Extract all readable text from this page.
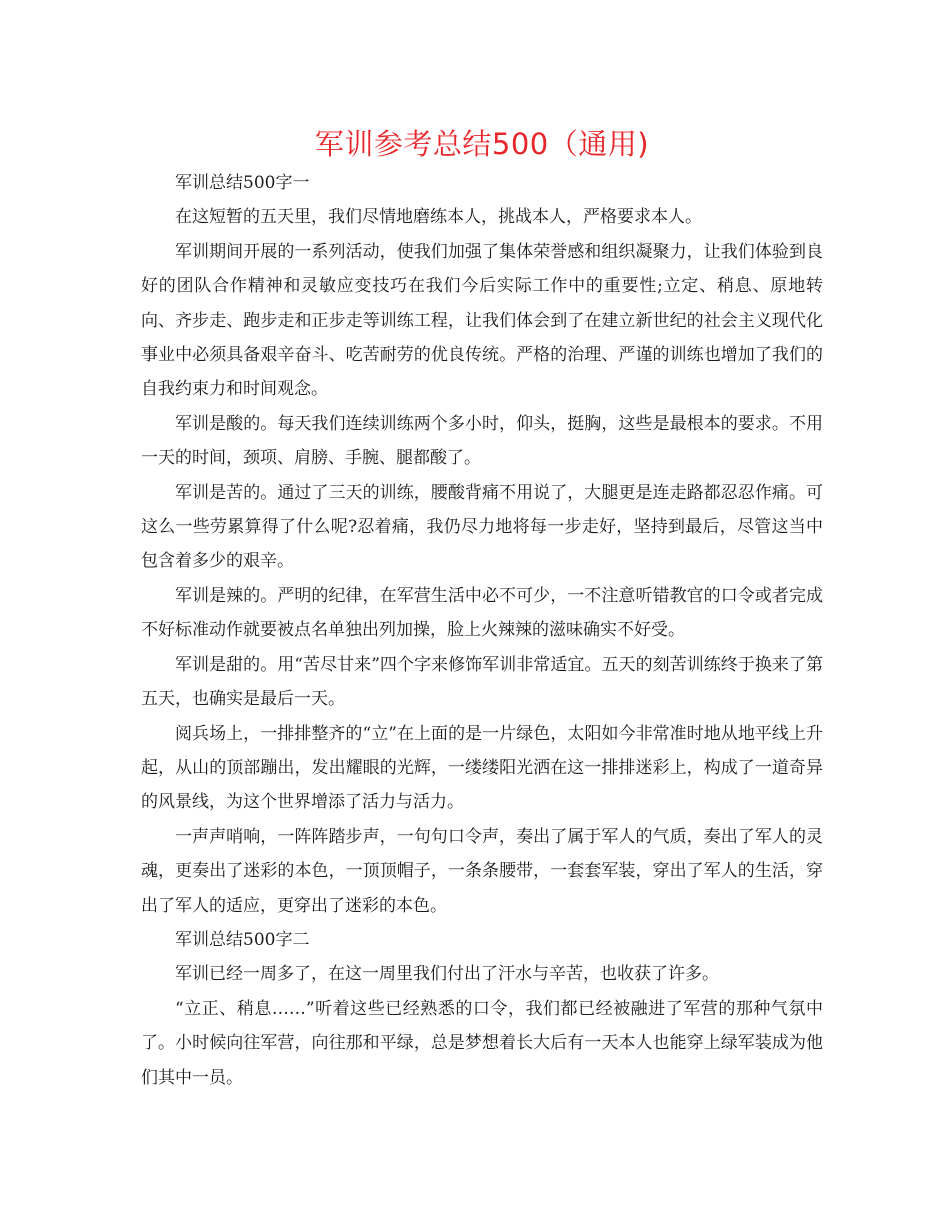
军训参考总结500（通用)

军训总结500字一

在这短暂的五天里，我们尽情地磨练本人，挑战本人，严格要求本人。

军训期间开展的一系列活动，使我们加强了集体荣誉感和组织凝聚力，让我们体验到良好的团队合作精神和灵敏应变技巧在我们今后实际工作中的重要性;立定、稍息、原地转向、齐步走、跑步走和正步走等训练工程，让我们体会到了在建立新世纪的社会主义现代化事业中必须具备艰辛奋斗、吃苦耐劳的优良传统。严格的治理、严谨的训练也增加了我们的自我约束力和时间观念。

军训是酸的。每天我们连续训练两个多小时，仰头，挺胸，这些是最根本的要求。不用一天的时间，颈项、肩膀、手腕、腿都酸了。

军训是苦的。通过了三天的训练，腰酸背痛不用说了，大腿更是连走路都忍忍作痛。可这么一些劳累算得了什么呢?忍着痛，我仍尽力地将每一步走好，坚持到最后，尽管这当中包含着多少的艰辛。

军训是辣的。严明的纪律，在军营生活中必不可少，一不注意听错教官的口令或者完成不好标准动作就要被点名单独出列加操，脸上火辣辣的滋味确实不好受。

军训是甜的。用“苦尽甘来”四个字来修饰军训非常适宜。五天的刻苦训练终于换来了第五天，也确实是最后一天。

阅兵场上，一排排整齐的“立”在上面的是一片绿色，太阳如今非常准时地从地平线上升起，从山的顶部蹦出，发出耀眼的光辉，一缕缕阳光洒在这一排排迷彩上，构成了一道奇异的风景线，为这个世界增添了活力与活力。

一声声哨响，一阵阵踏步声，一句句口令声，奏出了属于军人的气质，奏出了军人的灵魂，更奏出了迷彩的本色，一顶顶帽子，一条条腰带，一套套军装，穿出了军人的生活，穿出了军人的适应，更穿出了迷彩的本色。

军训总结500字二

军训已经一周多了，在这一周里我们付出了汗水与辛苦，也收获了许多。

“立正、稍息……”听着这些已经熟悉的口令，我们都已经被融进了军营的那种气氛中了。小时候向往军营，向往那和平绿，总是梦想着长大后有一天本人也能穿上绿军装成为他们其中一员。
